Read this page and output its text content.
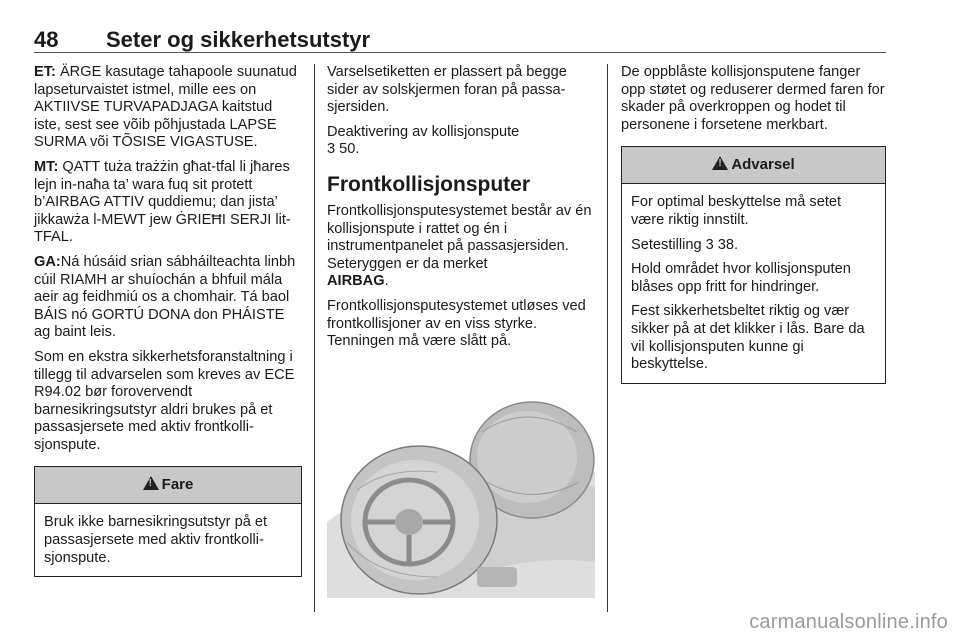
48	Seter og sikkerhetsutstyr

ET: ÄRGE kasutage tahapoole suunatud lapseturvaistet istmel, mille ees on AKTIIVSE TURVAPADJAGA kaitstud iste, sest see võib põhjustada LAPSE SURMA või TÕSISE VIGASTUSE.

MT: QATT tuża trażżin għat-tfal li jħares lejn in-naħa ta’ wara fuq sit protett b’AIRBAG ATTIV quddiemu; dan jista’ jikkawża l-MEWT jew ĠRIEĦI SERJI lit-TFAL.

GA:Ná húsáid srian sábháilteachta linbh cúil RIAMH ar shuíochán a bhfuil mála aeir ag feidhmiú os a chomhair. Tá baol BÁIS nó GORTÚ DONA don PHÁISTE ag baint leis.

Som en ekstra sikkerhetsforanstaltning i tillegg til advarselen som kreves av ECE R94.02 bør forovervendt barnesikringsutstyr aldri brukes på et passasjersete med aktiv frontkollisjonspute.

! Fare

Bruk ikke barnesikringsutstyr på et passasjersete med aktiv frontkollisjonspute.

Varselsetiketten er plassert på begge sider av solskjermen foran på passasjersiden.

Deaktivering av kollisjonspute
3 50.

Frontkollisjonsputer

Frontkollisjonsputesystemet består av én kollisjonspute i rattet og én i instrumentpanelet på passasjersiden. Seteryggen er da merket
AIRBAG.

Frontkollisjonsputesystemet utløses ved frontkollisjoner av en viss styrke. Tenningen må være slått på.

De oppblåste kollisjonsputene fanger opp støtet og reduserer dermed faren for skader på overkroppen og hodet til personene i forsetene merkbart.

! Advarsel

For optimal beskyttelse må setet være riktig innstilt.

Setestilling 3 38.

Hold området hvor kollisjonsputen blåses opp fritt for hindringer.

Fest sikkerhetsbeltet riktig og vær sikker på at det klikker i lås. Bare da vil kollisjonsputen kunne gi beskyttelse.

carmanualsonline.info
